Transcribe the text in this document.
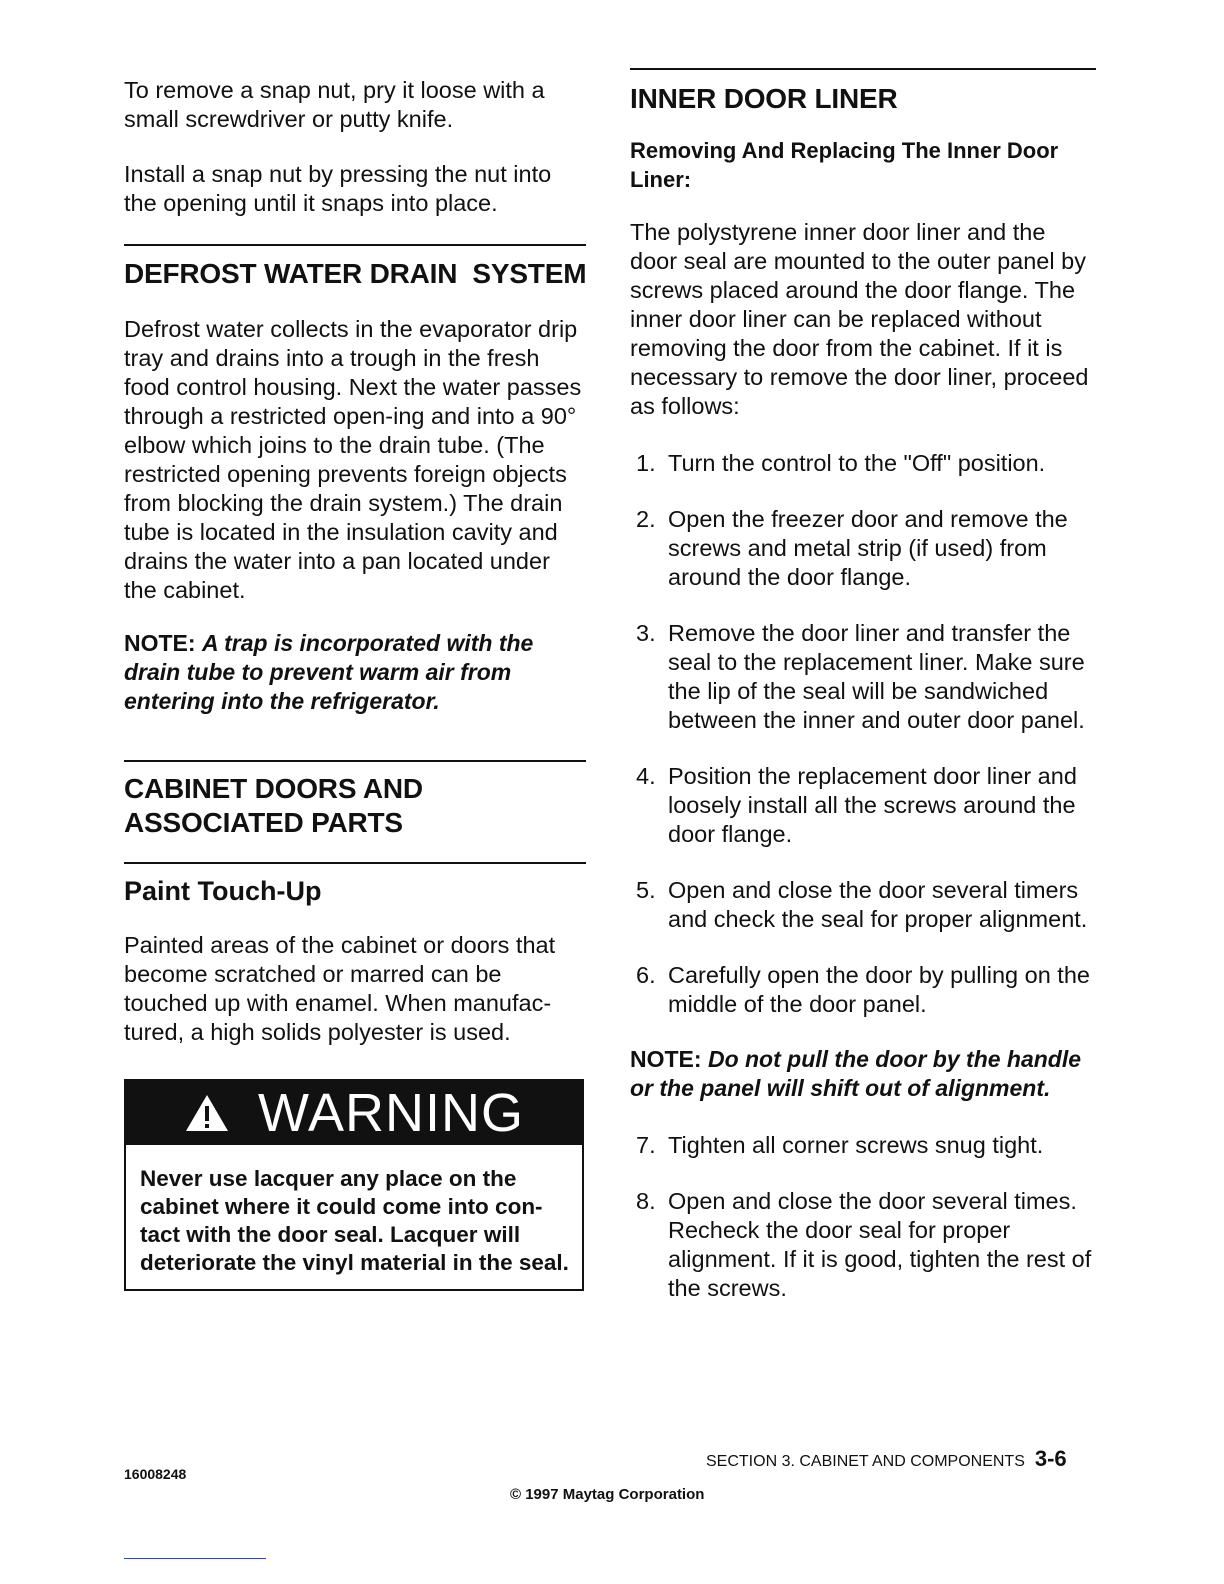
To remove a snap nut, pry it loose with a small screwdriver or putty knife.

Install a snap nut by pressing the nut into the opening until it snaps into place.

DEFROST WATER DRAIN  SYSTEM

Defrost water collects in the evaporator drip tray and drains into a trough in the fresh food control housing. Next the water passes through a restricted open-ing and into a 90° elbow which joins to the drain tube. (The restricted opening prevents foreign objects from blocking the drain system.) The drain tube is located in the insulation cavity and drains the water into a pan located under the cabinet.

NOTE: A trap is incorporated with the drain tube to prevent warm air from entering into the refrigerator.

CABINET DOORS AND
ASSOCIATED PARTS
Paint Touch-Up

Painted areas of the cabinet or doors that become scratched or marred can be touched up with enamel. When manufac-tured, a high solids polyester is used.

WARNING
Never use lacquer any place on the cabinet where it could come into con-tact with the door seal. Lacquer will deteriorate the vinyl material in the seal.
INNER DOOR LINER
Removing And Replacing The Inner Door Liner:

The polystyrene inner door liner and the door seal are mounted to the outer panel by screws placed around the door flange. The inner door liner can be replaced without removing the door from the cabinet. If it is necessary to remove the door liner, proceed as follows:

1. Turn the control to the "Off" position.
2. Open the freezer door and remove the screws and metal strip (if used) from around the door flange.
3. Remove the door liner and transfer the seal to the replacement liner. Make sure the lip of the seal will be sandwiched between the inner and outer door panel.
4. Position the replacement door liner and loosely install all the screws around the door flange.
5. Open and close the door several timers and check the seal for proper alignment.
6. Carefully open the door by pulling on the middle of the door panel.

NOTE: Do not pull the door by the handle or the panel will shift out of alignment.

7. Tighten all corner screws snug tight.
8. Open and close the door several times. Recheck the door seal for proper alignment. If it is good, tighten the rest of the screws.
16008248
SECTION 3. CABINET AND COMPONENTS 3-6
© 1997 Maytag Corporation
